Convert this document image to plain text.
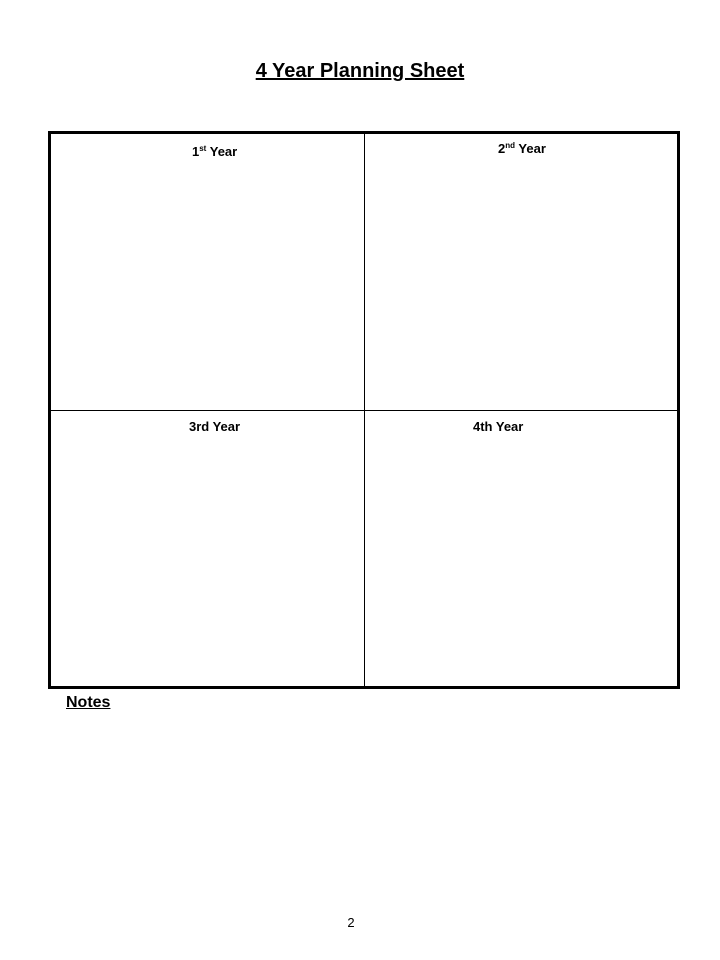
4 Year Planning Sheet
1st Year	2nd Year
3rd Year	4th Year
Notes
2
